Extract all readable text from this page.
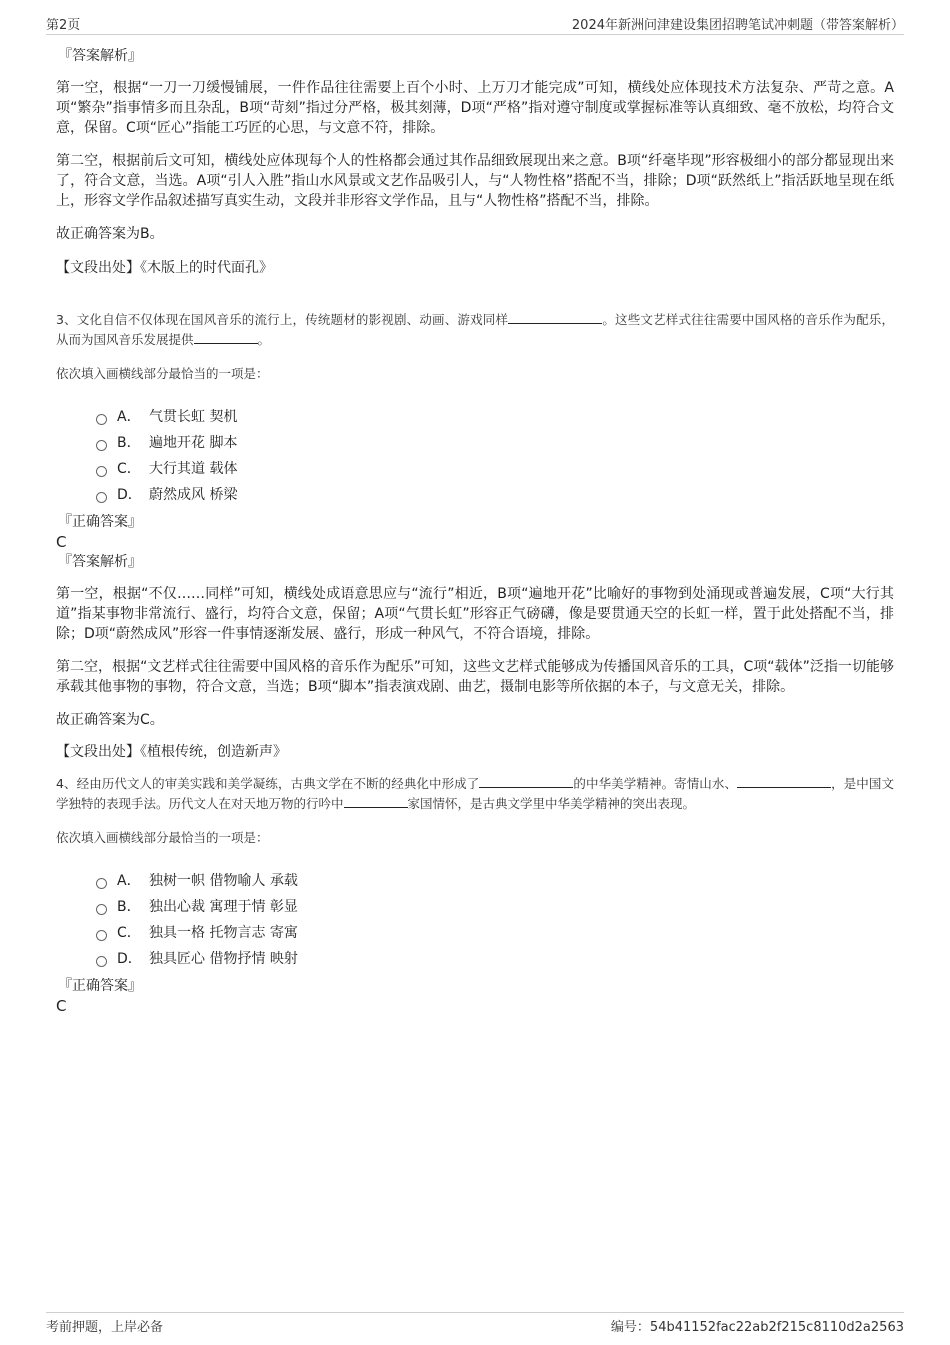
第2页	2024年新洲问津建设集团招聘笔试冲刺题（带答案解析）
『答案解析』

第一空，根据“一刀一刀缓慢铺展，一件作品往往需要上百个小时、上万刀才能完成”可知，横线处应体现技术方法复杂、严苛之意。A项“繁杂”指事情多而且杂乱，B项“苛刻”指过分严格，极其刻薄，D项“严格”指对遵守制度或掌握标准等认真细致、毫不放松，均符合文意，保留。C项“匠心”指能工巧匠的心思，与文意不符，排除。

第二空，根据前后文可知，横线处应体现每个人的性格都会通过其作品细致展现出来之意。B项“纤毫毕现”形容极细小的部分都显现出来了，符合文意，当选。A项“引人入胜”指山水风景或文艺作品吸引人，与“人物性格”搭配不当，排除；D项“跃然纸上”指活跃地呈现在纸上，形容文学作品叙述描写真实生动，文段并非形容文学作品，且与“人物性格”搭配不当，排除。

故正确答案为B。

【文段出处】《木版上的时代面孔》

3、文化自信不仅体现在国风音乐的流行上，传统题材的影视剧、动画、游戏同样	。这些文艺样式往往需要中国风格的音乐作为配乐，从而为国风音乐发展提供	。
依次填入画横线部分最恰当的一项是：
A． 气贯长虹 契机
B． 遍地开花 脚本
C． 大行其道 载体
D． 蔚然成风 桥梁
『正确答案』
C
『答案解析』

第一空，根据“不仅……同样”可知，横线处成语意思应与“流行”相近，B项“遍地开花”比喻好的事物到处涌现或普遍发展，C项“大行其道”指某事物非常流行、盛行，均符合文意，保留；A项“气贯长虹”形容正气磅礴，像是要贯通天空的长虹一样，置于此处搭配不当，排除；D项“蔚然成风”形容一件事情逐渐发展、盛行，形成一种风气，不符合语境，排除。

第二空，根据“文艺样式往往需要中国风格的音乐作为配乐”可知，这些文艺样式能够成为传播国风音乐的工具，C项“载体”泛指一切能够承载其他事物的事物，符合文意，当选；B项“脚本”指表演戏剧、曲艺，摄制电影等所依据的本子，与文意无关，排除。

故正确答案为C。

【文段出处】《植根传统，创造新声》

4、经由历代文人的审美实践和美学凝练，古典文学在不断的经典化中形成了	的中华美学精神。寄情山水、	，是中国文学独特的表现手法。历代文人在对天地万物的行吟中	家国情怀，是古典文学里中华美学精神的突出表现。
依次填入画横线部分最恰当的一项是：
A． 独树一帜 借物喻人 承载
B． 独出心裁 寓理于情 彰显
C． 独具一格 托物言志 寄寓
D． 独具匠心 借物抒情 映射
『正确答案』
C
考前押题，上岸必备	编号：54b41152fac22ab2f215c8110d2a2563
